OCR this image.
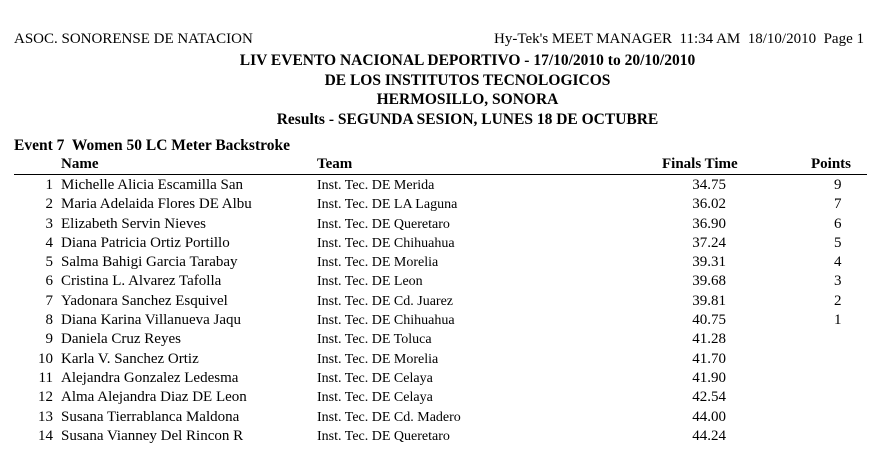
ASOC. SONORENSE DE NATACION	Hy-Tek's MEET MANAGER  11:34 AM  18/10/2010  Page 1
LIV EVENTO NACIONAL DEPORTIVO - 17/10/2010 to 20/10/2010
DE LOS INSTITUTOS TECNOLOGICOS
HERMOSILLO, SONORA
Results - SEGUNDA SESION, LUNES 18 DE OCTUBRE
Event 7  Women 50 LC Meter Backstroke
Name	Team	Finals Time	Points
1 Michelle Alicia Escamilla San	Inst. Tec. DE Merida	34.75	9
2 Maria Adelaida Flores DE Albu	Inst. Tec. DE LA Laguna	36.02	7
3 Elizabeth Servin Nieves	Inst. Tec. DE Queretaro	36.90	6
4 Diana Patricia Ortiz Portillo	Inst. Tec. DE Chihuahua	37.24	5
5 Salma Bahigi Garcia Tarabay	Inst. Tec. DE Morelia	39.31	4
6 Cristina L. Alvarez Tafolla	Inst. Tec. DE Leon	39.68	3
7 Yadonara Sanchez Esquivel	Inst. Tec. DE Cd. Juarez	39.81	2
8 Diana Karina Villanueva Jaqu	Inst. Tec. DE Chihuahua	40.75	1
9 Daniela Cruz Reyes	Inst. Tec. DE Toluca	41.28
10 Karla V. Sanchez Ortiz	Inst. Tec. DE Morelia	41.70
11 Alejandra Gonzalez Ledesma	Inst. Tec. DE Celaya	41.90
12 Alma Alejandra Diaz DE Leon	Inst. Tec. DE Celaya	42.54
13 Susana Tierrablanca Maldona	Inst. Tec. DE Cd. Madero	44.00
14 Susana Vianney Del Rincon R	Inst. Tec. DE Queretaro	44.24
